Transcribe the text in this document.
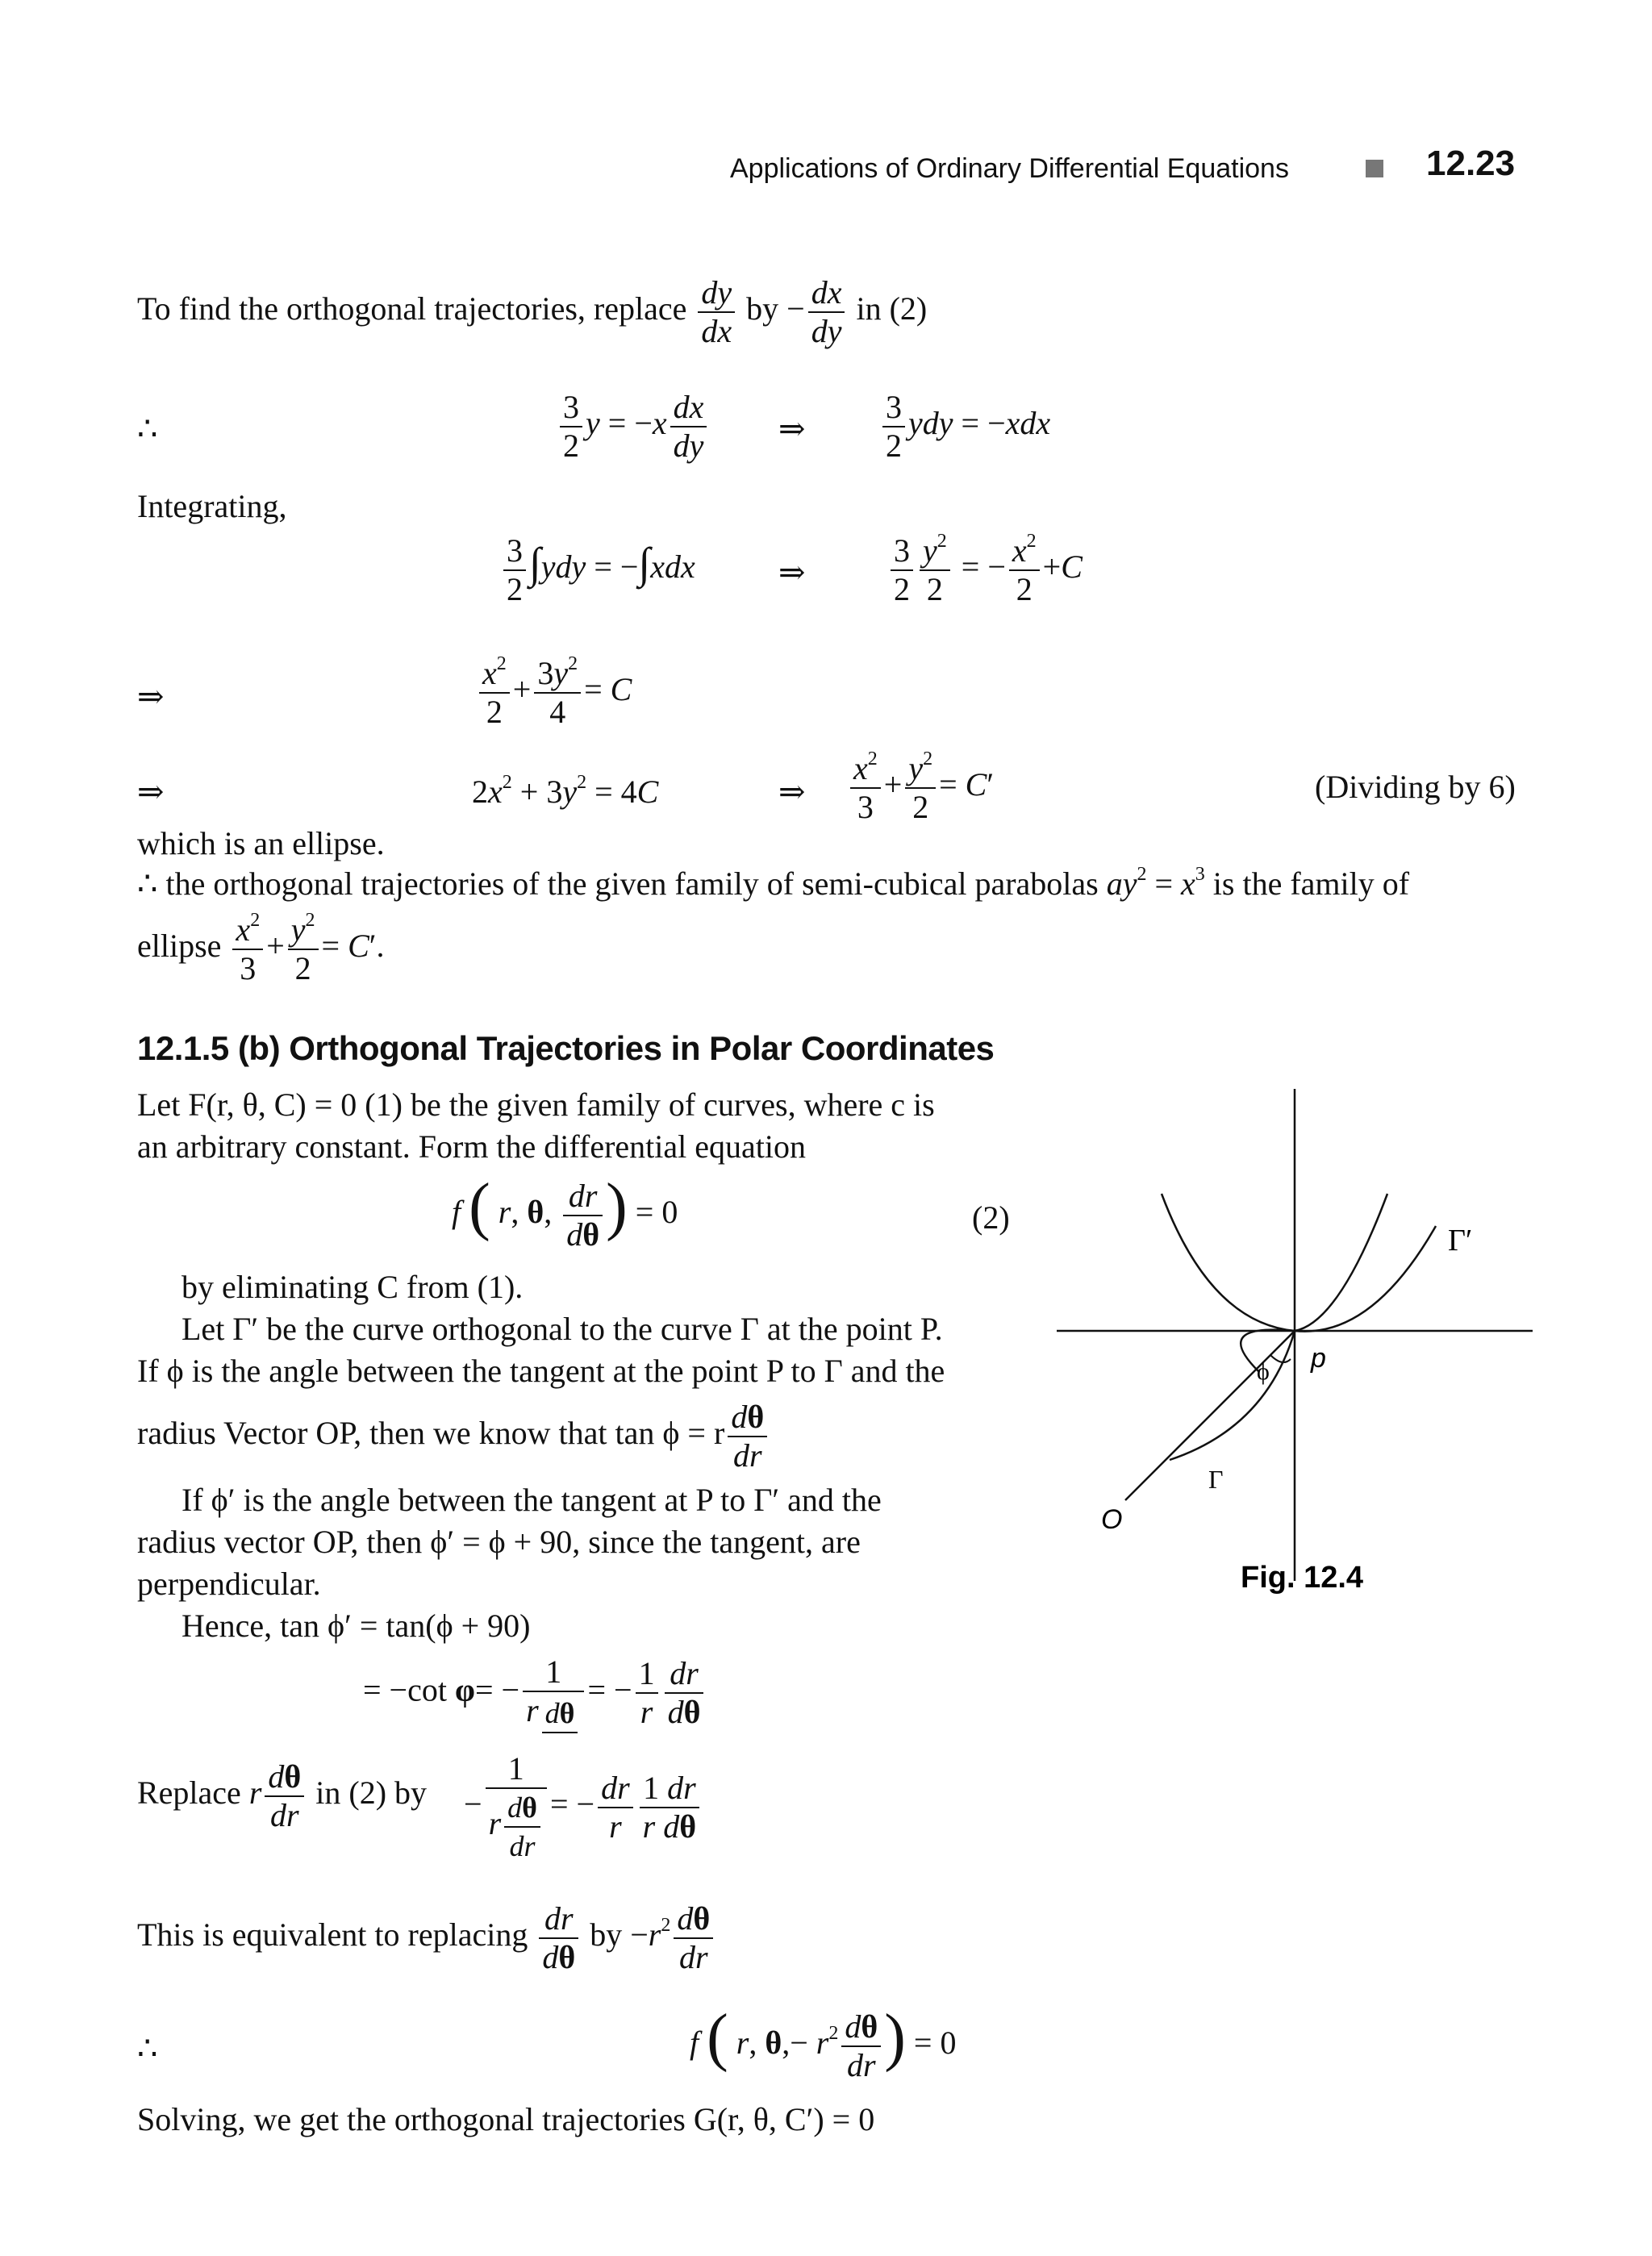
Applications of Ordinary Differential Equations	12.23
To find the orthogonal trajectories, replace $\frac{dy}{dx}$ by − $\frac{dx}{dy}$ in (2)
∴	$\frac{3}{2}$ $y = -x \frac{dx}{dy}$ ⇒ $\frac{3}{2}$ ydy = −xdx
Integrating,
$\frac{3}{2} \int ydy = -\int xdx$	⇒	$\frac{3}{2} \frac{y^2}{2}$ = − $\frac{x^2}{2} +C$
⇒	$\frac{x^2}{2} + \frac{3y^2}{4} = C$
⇒	$2x^2 + 3y^2 = 4C$	⇒ $\frac{x^2}{3} + \frac{y^2}{2} = C'$	(Dividing by 6)
which is an ellipse.
∴ the orthogonal trajectories of the given family of semi-cubical parabolas $ay^2 = x^3$ is the family of
ellipse $\frac{x^2}{3} + \frac{y^2}{2} = C'$.
12.1.5 (b) Orthogonal Trajectories in Polar Coordinates
Let F(r, θ, C) = 0 (1) be the given family of curves, where c is
an arbitrary constant. Form the differential equation
f ( r, θ, $\frac{dr}{d\theta}$ ) = 0	(2)
by eliminating C from (1).
Let Γ′ be the curve orthogonal to the curve Γ at the point P.
If ϕ is the angle between the tangent at the point P to Γ and the
radius Vector OP, then we know that tan ϕ = r $\frac{d\theta}{dr}$
If ϕ′ is the angle between the tangent at P to Γ′ and the
radius vector OP, then ϕ′ = ϕ + 90, since the tangent, are
perpendicular.
Hence, tan ϕ′ = tan(ϕ + 90)
= −cot $\varphi= - \frac{1}{\text{r dθ}}$ = − $\frac{1}{r} \frac{dr}{d\theta}$
Replace r $\frac{d\theta}{dr}$ in (2) by − $\frac{1}{r \frac{d\theta}{dr}}$ = − $\frac{dr}{r} \frac{1 dr}{\text{r dθ}}$
This is equivalent to replacing $\frac{dr}{d\theta}$ by $-r^2 \frac{d\theta}{dr}$
∴	f ( r, $\theta,- r^2 \frac{d\theta}{dr}$ ) = 0
Solving, we get the orthogonal trajectories G(r, θ, C′) = 0
Γ′
p
ϕ
Γ
O
Fig. 12.4
